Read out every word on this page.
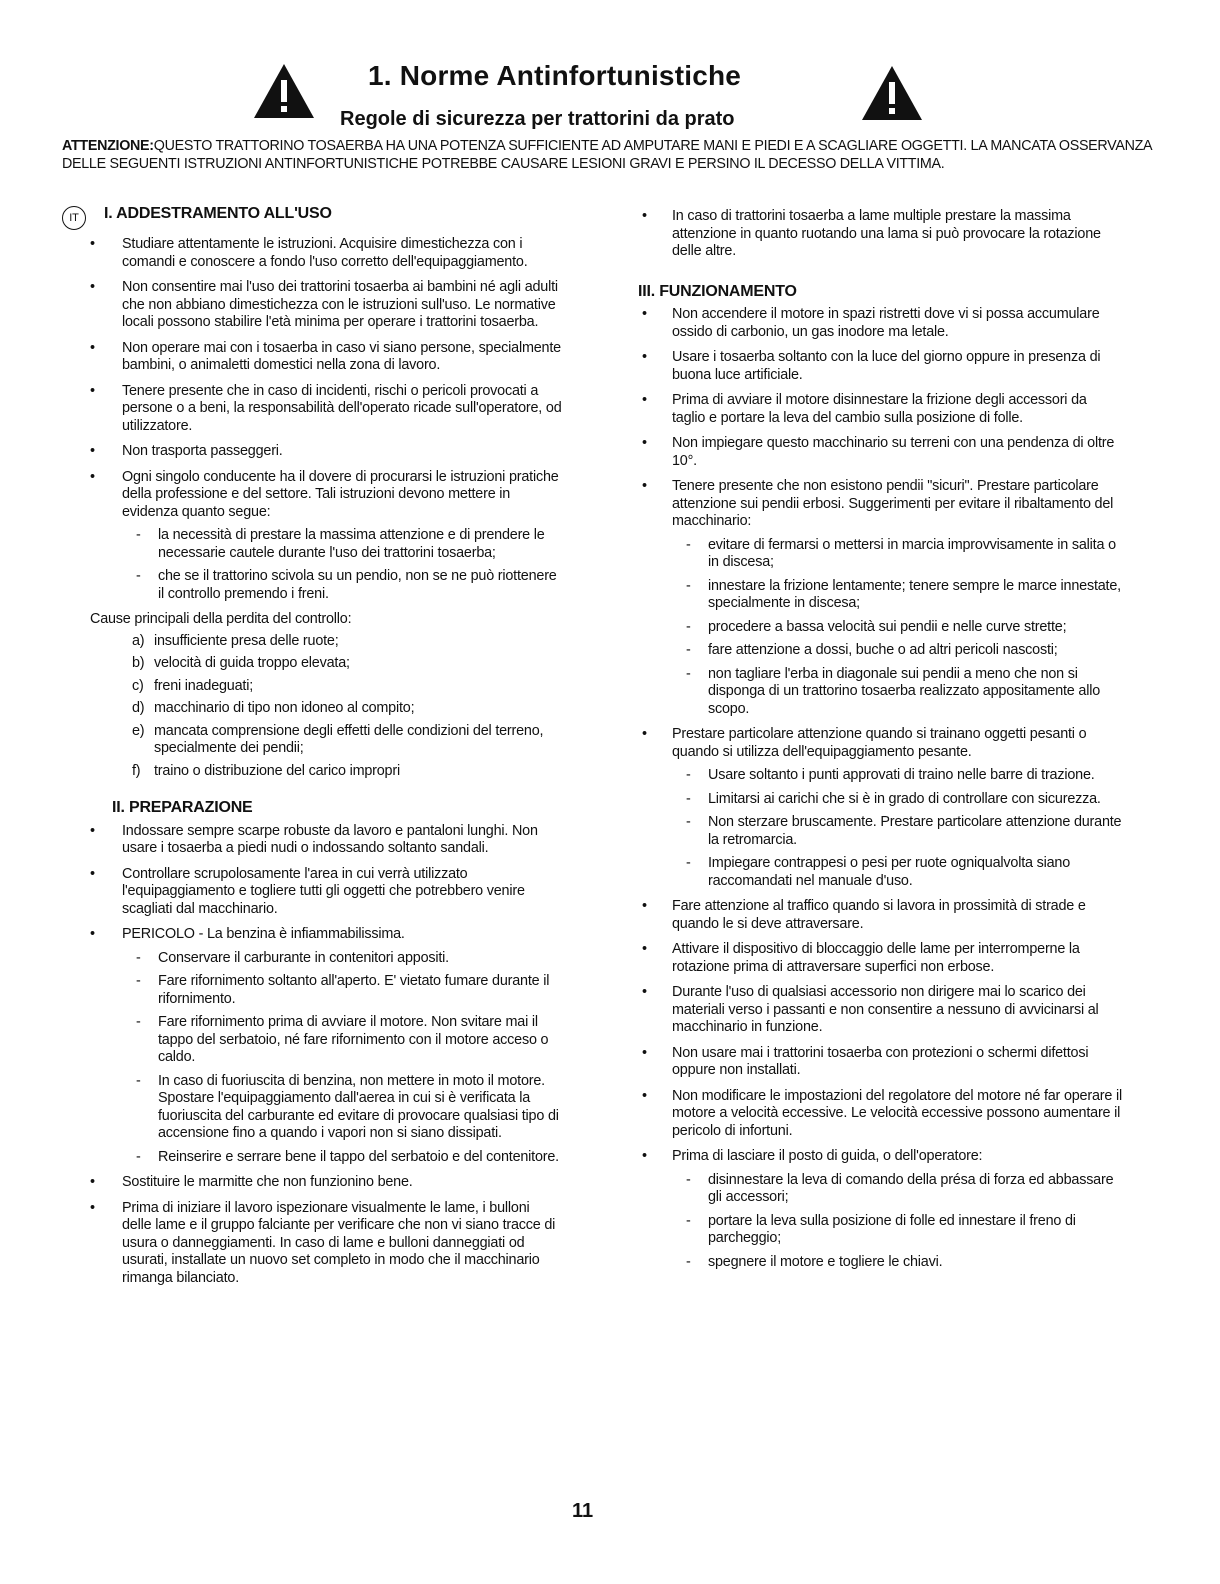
1. Norme Antinfortunistiche
Regole di sicurezza per trattorini da prato
ATTENZIONE:QUESTO TRATTORINO TOSAERBA HA UNA POTENZA SUFFICIENTE AD AMPUTARE MANI E PIEDI E A SCAGLIARE OGGETTI. LA MANCATA OSSERVANZA DELLE SEGUENTI ISTRUZIONI ANTINFORTUNISTICHE POTREBBE CAUSARE LESIONI GRAVI E PERSINO IL DECESSO DELLA VITTIMA.
IT I. ADDESTRAMENTO ALL'USO
• Studiare attentamente le istruzioni. Acquisire dimestichezza con i comandi e conoscere a fondo l'uso corretto dell'equipaggiamento.
• Non consentire mai l'uso dei trattorini tosaerba ai bambini né agli adulti che non abbiano dimestichezza con le istruzioni sull'uso. Le normative locali possono stabilire l'età minima per operare i trattorini tosaerba.
• Non operare mai con i tosaerba in caso vi siano persone, specialmente bambini, o animaletti domestici nella zona di lavoro.
• Tenere presente che in caso di incidenti, rischi o pericoli provocati a persone o a beni, la responsabilità dell'operato ricade sull'operatore, od utilizzatore.
• Non trasporta passeggeri.
• Ogni singolo conducente ha il dovere di procurarsi le istruzioni pratiche della professione e del settore. Tali istruzioni devono mettere in evidenza quanto segue:
- la necessità di prestare la massima attenzione e di prendere le necessarie cautele durante l'uso dei trattorini tosaerba;
- che se il trattorino scivola su un pendio, non se ne può riottenere il controllo premendo i freni.
Cause principali della perdita del controllo:
a) insufficiente presa delle ruote;
b) velocità di guida troppo elevata;
c) freni inadeguati;
d) macchinario di tipo non idoneo al compito;
e) mancata comprensione degli effetti delle condizioni del terreno, specialmente dei pendii;
f) traino o distribuzione del carico impropri
II. PREPARAZIONE
• Indossare sempre scarpe robuste da lavoro e pantaloni lunghi. Non usare i tosaerba a piedi nudi o indossando soltanto sandali.
• Controllare scrupolosamente l'area in cui verrà utilizzato l'equipaggiamento e togliere tutti gli oggetti che potrebbero venire scagliati dal macchinario.
• PERICOLO - La benzina è infiammabilissima.
- Conservare il carburante in contenitori appositi.
- Fare rifornimento soltanto all'aperto. E' vietato fumare durante il rifornimento.
- Fare rifornimento prima di avviare il motore. Non svitare mai il tappo del serbatoio, né fare rifornimento con il motore acceso o caldo.
- In caso di fuoriuscita di benzina, non mettere in moto il motore. Spostare l'equipaggiamento dall'aerea in cui si è verificata la fuoriuscita del carburante ed evitare di provocare qualsiasi tipo di accensione fino a quando i vapori non si siano dissipati.
- Reinserire e serrare bene il tappo del serbatoio e del contenitore.
• Sostituire le marmitte che non funzionino bene.
• Prima di iniziare il lavoro ispezionare visualmente le lame, i bulloni delle lame e il gruppo falciante per verificare che non vi siano tracce di usura o danneggiamenti. In caso di lame e bulloni danneggiati od usurati, installate un nuovo set completo in modo che il macchinario rimanga bilanciato.
• In caso di trattorini tosaerba a lame multiple prestare la massima attenzione in quanto ruotando una lama si può provocare la rotazione delle altre.
III. FUNZIONAMENTO
• Non accendere il motore in spazi ristretti dove vi si possa accumulare ossido di carbonio, un gas inodore ma letale.
• Usare i tosaerba soltanto con la luce del giorno oppure in presenza di buona luce artificiale.
• Prima di avviare il motore disinnestare la frizione degli accessori da taglio e portare la leva del cambio sulla posizione di folle.
• Non impiegare questo macchinario su terreni con una pendenza di oltre 10°.
• Tenere presente che non esistono pendii "sicuri". Prestare particolare attenzione sui pendii erbosi. Suggerimenti per evitare il ribaltamento del macchinario:
- evitare di fermarsi o mettersi in marcia improvvisamente in salita o in discesa;
- innestare la frizione lentamente; tenere sempre le marce innestate, specialmente in discesa;
- procedere a bassa velocità sui pendii e nelle curve strette;
- fare attenzione a dossi, buche o ad altri pericoli nascosti;
- non tagliare l'erba in diagonale sui pendii a meno che non si disponga di un trattorino tosaerba realizzato appositamente allo scopo.
• Prestare particolare attenzione quando si trainano oggetti pesanti o quando si utilizza dell'equipaggiamento pesante.
- Usare soltanto i punti approvati di traino nelle barre di trazione.
- Limitarsi ai carichi che si è in grado di controllare con sicurezza.
- Non sterzare bruscamente. Prestare particolare attenzione durante la retromarcia.
- Impiegare contrappesi o pesi per ruote ogniqualvolta siano raccomandati nel manuale d'uso.
• Fare attenzione al traffico quando si lavora in prossimità di strade e quando le si deve attraversare.
• Attivare il dispositivo di bloccaggio delle lame per interromperne la rotazione prima di attraversare superfici non erbose.
• Durante l'uso di qualsiasi accessorio non dirigere mai lo scarico dei materiali verso i passanti e non consentire a nessuno di avvicinarsi al macchinario in funzione.
• Non usare mai i trattorini tosaerba con protezioni o schermi difettosi oppure non installati.
• Non modificare le impostazioni del regolatore del motore né far operare il motore a velocità eccessive. Le velocità eccessive possono aumentare il pericolo di infortuni.
• Prima di lasciare il posto di guida, o dell'operatore:
- disinnestare la leva di comando della présa di forza ed abbassare gli accessori;
- portare la leva sulla posizione di folle ed innestare il freno di parcheggio;
- spegnere il motore e togliere le chiavi.
11
